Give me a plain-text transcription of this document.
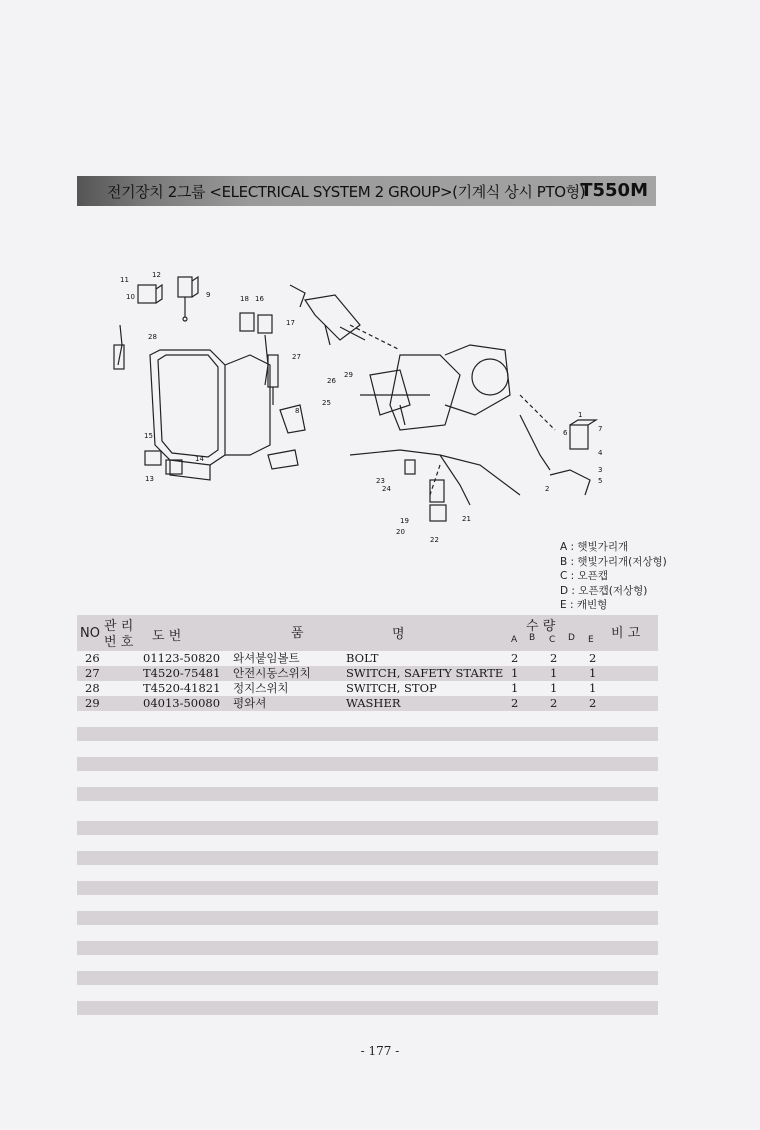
전기장치 2그룹 <ELECTRICAL SYSTEM 2 GROUP>(기계식 상시 PTO형)
T550M
1
2
3
4
5
6	7
8
9
10
11
12
13
14
15
16
17
18
19
20
21
22
23
24
25
26
27
28
29
A : 햇빛가리개
B : 햇빛가리개(저상형)
C : 오픈캡
D : 오픈캡(저상형)
E : 캐빈형
NO 관 리
번 호 도 번	품	명
수 량
A B C D E 비 고
26	01123-50820 와셔붙임볼트	BOLT	2	2	2
27	T4520-75481 안전시동스위치	SWITCH, SAFETY STARTE 1	1	1
28	T4520-41821 정지스위치	SWITCH, STOP	1	1	1
29	04013-50080 평와셔	WASHER	2	2	2
- 177 -
